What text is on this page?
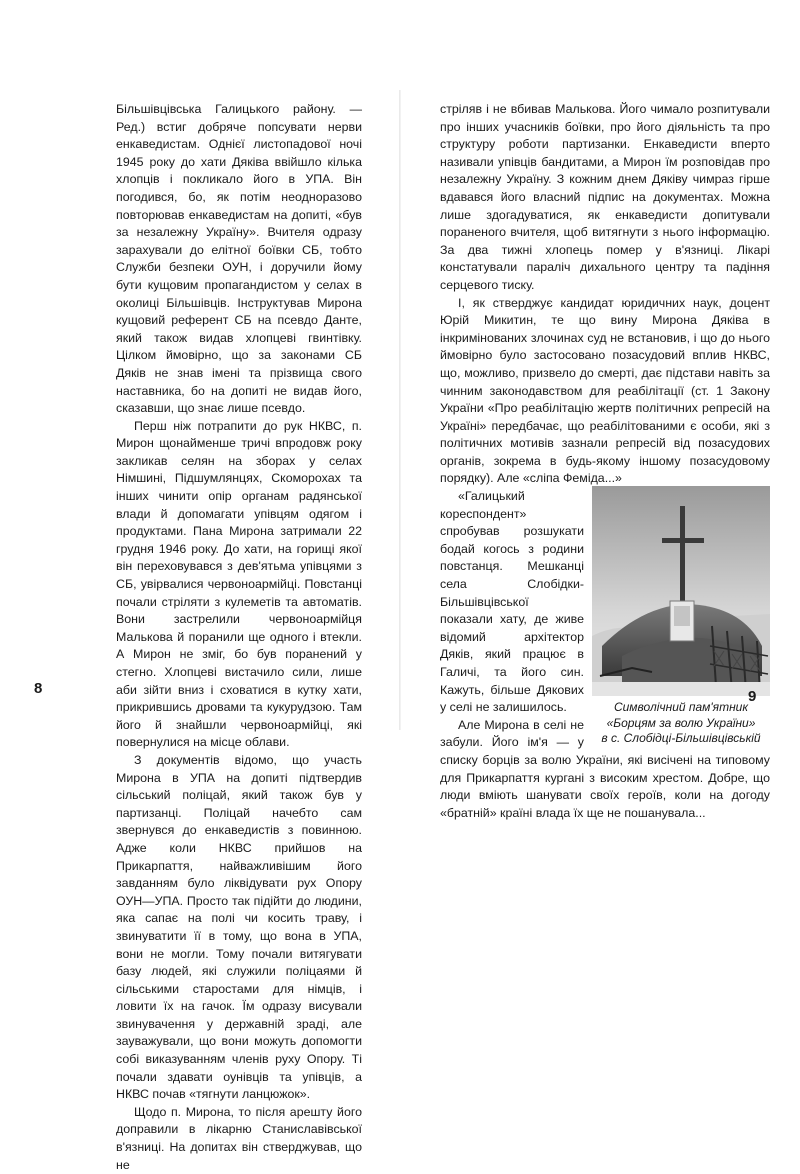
Більшівцівська Галицького району. — Ред.) встиг добряче попсувати нерви енкаведистам. Однієї листопадової ночі 1945 року до хати Дяківа ввійшло кілька хлопців і покликало його в УПА. Він погодився, бо, як потім неодноразово повторював енкаведистам на допиті, «був за незалежну Україну». Вчителя одразу зарахували до елітної боївки СБ, тобто Служби безпеки ОУН, і доручили йому бути кущовим пропагандистом у селах в околиці Більшівців. Інструктував Мирона кущовий референт СБ на псевдо Данте, який також видав хлопцеві гвинтівку. Цілком ймовірно, що за законами СБ Дяків не знав імені та прізвища свого наставника, бо на допиті не видав його, сказавши, що знає лише псевдо.

Перш ніж потрапити до рук НКВС, п. Мирон щонайменше тричі впродовж року закликав селян на зборах у селах Німшині, Підшумлянцях, Скоморохах та інших чинити опір органам радянської влади й допомагати упівцям одягом і продуктами. Пана Мирона затримали 22 грудня 1946 року. До хати, на горищі якої він переховувався з дев'ятьма упівцями з СБ, увірвалися червоноармійці. Повстанці почали стріляти з кулеметів та автоматів. Вони застрелили червоноармійця Малькова й поранили ще одного і втекли. А Мирон не зміг, бо був поранений у стегно. Хлопцеві вистачило сили, лише аби зійти вниз і сховатися в кутку хати, прикрившись дровами та кукурудзою. Там його й знайшли червоноармійці, які повернулися на місце облави.

З документів відомо, що участь Мирона в УПА на допиті підтвердив сільський поліцай, який також був у партизанці. Поліцай начебто сам звернувся до енкаведистів з повинною. Адже коли НКВС прийшов на Прикарпаття, найважливішим його завданням було ліквідувати рух Опору ОУН—УПА. Просто так підійти до людини, яка сапає на полі чи косить траву, і звинуватити її в тому, що вона в УПА, вони не могли. Тому почали витягувати базу людей, які служили поліцаями й сільськими старостами для німців, і ловити їх на гачок. Їм одразу висували звинувачення у державній зраді, але зауважували, що вони можуть допомогти собі виказуванням членів руху Опору. Ті почали здавати оунівців та упівців, а НКВС почав «тягнути ланцюжок».

Щодо п. Мирона, то після арешту його доправили в лікарню Станиславівської в'язниці. На допитах він стверджував, що не

8

стріляв і не вбивав Малькова. Його чимало розпитували про інших учасників боївки, про його діяльність та про структуру роботи партизанки. Енкаведисти вперто називали упівців бандитами, а Мирон їм розповідав про незалежну Україну. З кожним днем Дяківу чимраз гірше вдавався його власний підпис на документах. Можна лише здогадуватися, як енкаведисти допитували пораненого вчителя, щоб витягнути з нього інформацію. За два тижні хлопець помер у в'язниці. Лікарі констатували параліч дихального центру та падіння серцевого тиску.

І, як стверджує кандидат юридичних наук, доцент Юрій Микитин, те що вину Мирона Дяківа в інкримінованих злочинах суд не встановив, і що до нього ймовірно було застосовано позасудовий вплив НКВС, що, можливо, призвело до смерті, дає підстави навіть за чинним законодавством для реабілітації (ст. 1 Закону України «Про реабілітацію жертв політичних репресій на Україні» передбачає, що реабілітованими є особи, які з політичних мотивів зазнали репресій від позасудових органів, зокрема в будь-якому іншому позасудовому порядку). Але «сліпа Феміда...»

Символічний пам'ятник
«Борцям за волю України»
в с. Слобідці-Більшівцівській

«Галицький кореспондент» спробував розшукати бодай когось з родини повстанця. Мешканці села Слобідки-Більшівцівської показали хату, де живе відомий архітектор Дяків, який працює в Галичі, та його син. Кажуть, більше Дякових у селі не залишилось.

Але Мирона в селі не забули. Його ім'я — у списку борців за волю України, які висічені на типовому для Прикарпаття кургані з високим хрестом. Добре, що люди вміють шанувати своїх героїв, коли на догоду «братній» країні влада їх ще не пошанувала...

9
